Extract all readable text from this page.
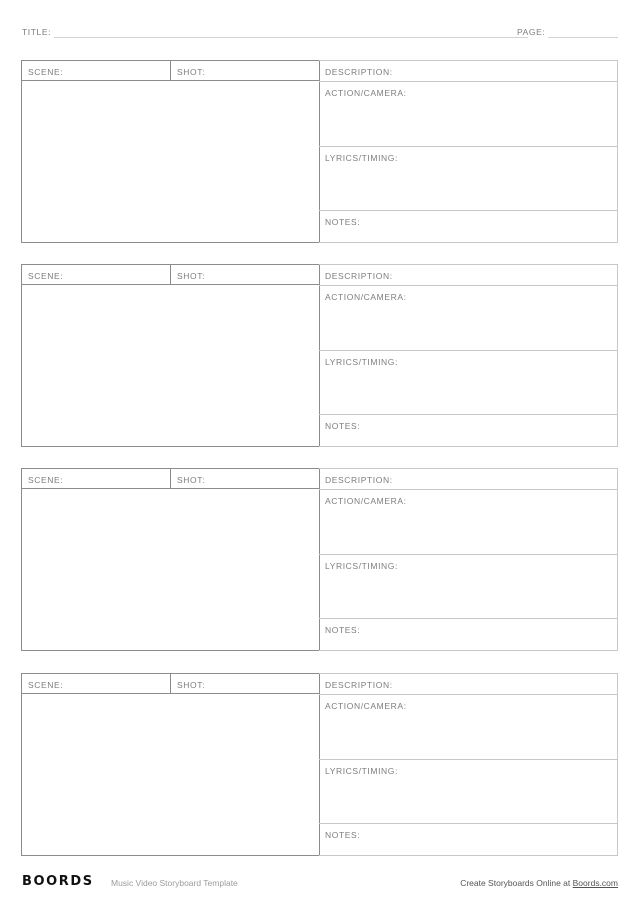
TITLE:	PAGE:
SCENE:	SHOT:	DESCRIPTION:
ACTION/CAMERA:
LYRICS/TIMING:
NOTES:
SCENE:	SHOT:	DESCRIPTION:
ACTION/CAMERA:
LYRICS/TIMING:
NOTES:
SCENE:	SHOT:	DESCRIPTION:
ACTION/CAMERA:
LYRICS/TIMING:
NOTES:
SCENE:	SHOT:	DESCRIPTION:
ACTION/CAMERA:
LYRICS/TIMING:
NOTES:
BOORDS Music Video Storyboard Template	Create Storyboards Online at Boords.com
